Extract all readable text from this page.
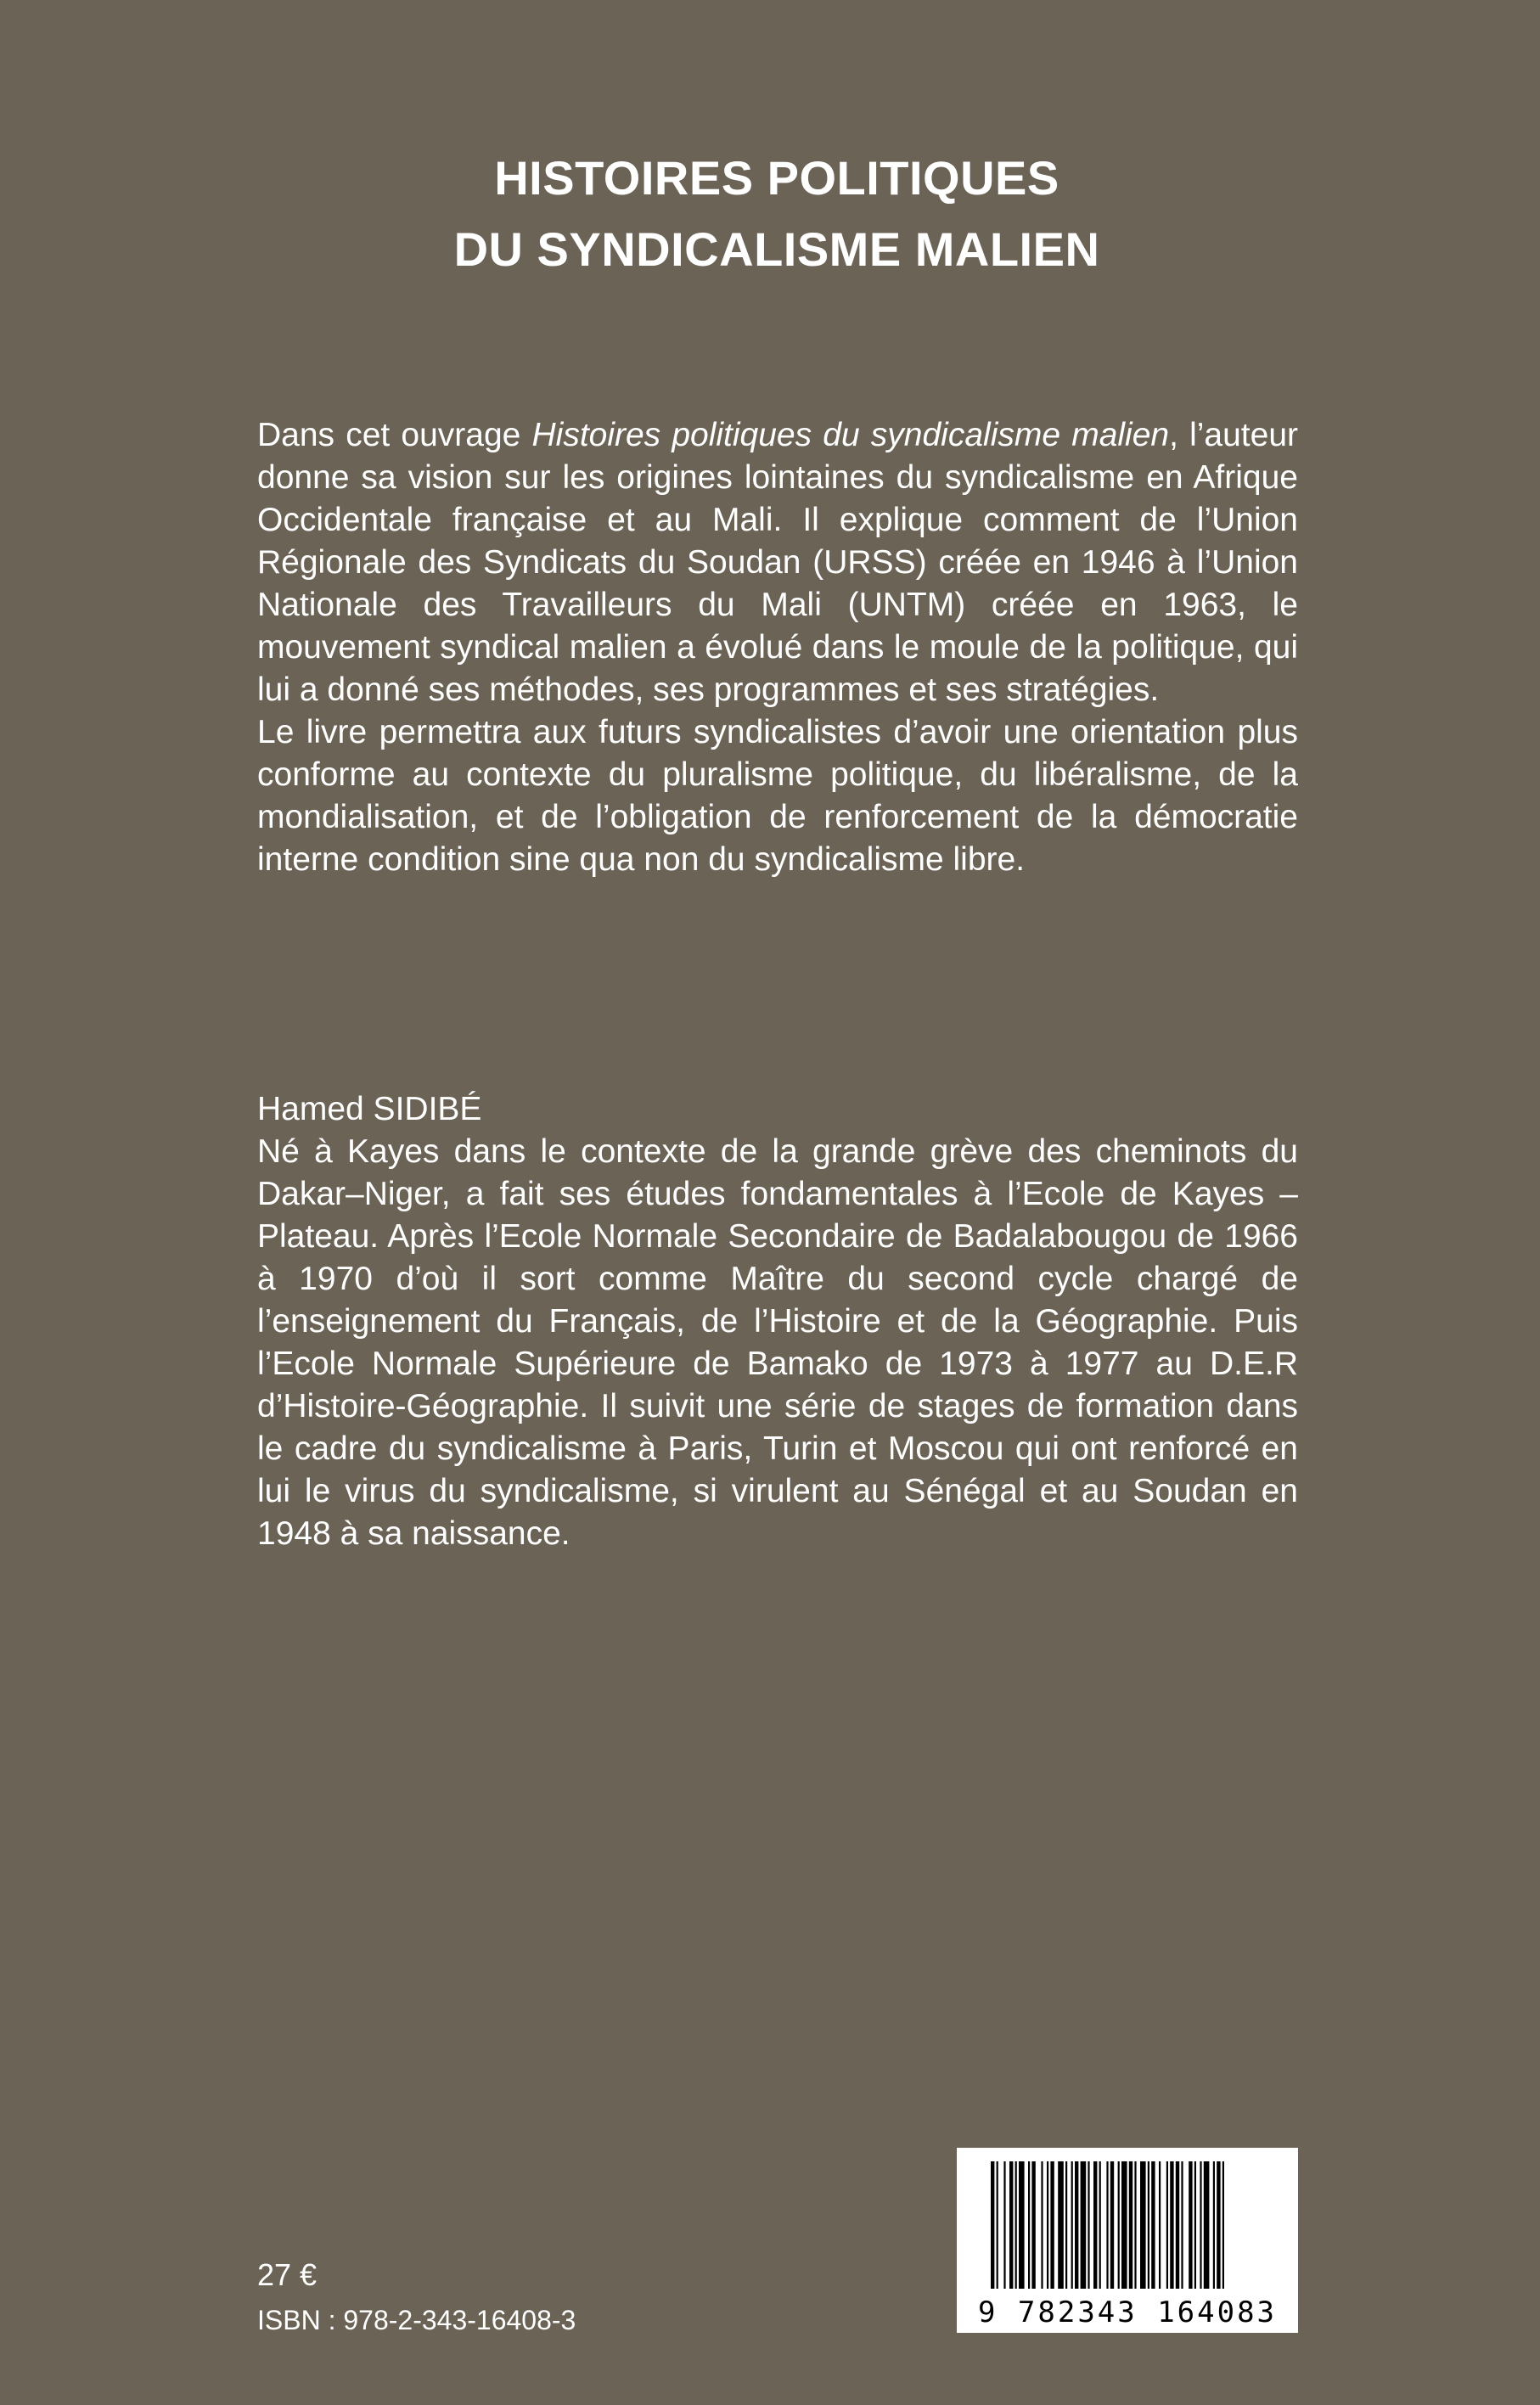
HISTOIRES POLITIQUES
DU SYNDICALISME MALIEN

Dans cet ouvrage Histoires politiques du syndicalisme malien, l’auteur donne sa vision sur les origines lointaines du syndicalisme en Afrique Occidentale française et au Mali. Il explique comment de l’Union Régionale des Syndicats du Soudan (URSS) créée en 1946 à l’Union Nationale des Travailleurs du Mali (UNTM) créée en 1963, le mouvement syndical malien a évolué dans le moule de la politique, qui lui a donné ses méthodes, ses programmes et ses stratégies.

Le livre permettra aux futurs syndicalistes d’avoir une orientation plus conforme au contexte du pluralisme politique, du libéralisme, de la mondialisation, et de l’obligation de renforcement de la démocratie interne condition sine qua non du syndicalisme libre.

Hamed SIDIBÉ

Né à Kayes dans le contexte de la grande grève des cheminots du Dakar–Niger, a fait ses études fondamentales à l’Ecole de Kayes – Plateau. Après l’Ecole Normale Secondaire de Badalabougou de 1966 à 1970 d’où il sort comme Maître du second cycle chargé de l’enseignement du Français, de l’Histoire et de la Géographie. Puis l’Ecole Normale Supérieure de Bamako de 1973 à 1977 au D.E.R d’Histoire-Géographie. Il suivit une série de stages de formation dans le cadre du syndicalisme à Paris, Turin et Moscou qui ont renforcé en lui le virus du syndicalisme, si virulent au Sénégal et au Soudan en 1948 à sa naissance.

27 €
ISBN : 978-2-343-16408-3	9 782343 164083
